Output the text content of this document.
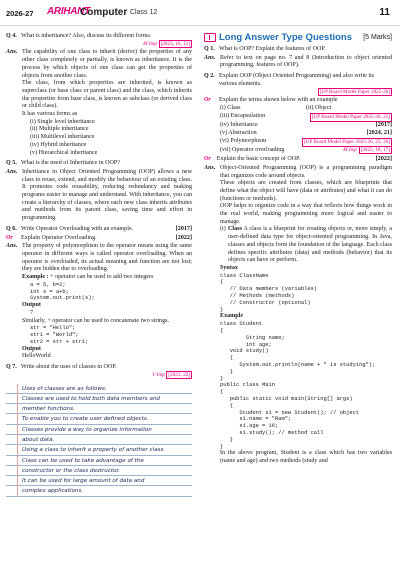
2026-27 ARIHANT
Computer Class 12	11
Q 4. What is inheritance? Also, discuss its different forms.
M Imp [2023, 16, 12]
Ans. The capability of one class to inherit (derive) the properties of any other class completely or partially, is known as inheritance. It is the process by which objects of one class can get the properties of objects from another class.
The class, from which properties are inherited, is known as superclass (or base class or parent class) and the class, which inherits the properties from base class, is known as subclass (or derived class or child class).
It has various forms as
(i) Single level inheritance
(ii) Multiple inheritance
(iii) Multilevel inheritance
(iv) Hybrid inheritance
(v) Hierarchical inheritance
Q 5. What is the need of Inheritance in OOP?
Ans. Inheritance in Object Oriented Programming (OOP) allows a new class to reuse, extend, and modify the behaviour of an existing class. It promotes code reusability, reducing redundancy and making programs easier to manage and understand. With inheritance, you can create a hierarchy of classes, where each new class inherits attributes and methods from its parent class, saving time and effort in programming.
Q 6. Write Operator Overloading with an example.	[2017]
Or	Explain Operator Overloading.	[2022]
Ans. The property of polymorphism to the operator means using the same operator in different ways is called operator overloading. When an operator is overloaded, its actual meaning and function are not lost; they are hidden due to overloading.
Example : + operator can be used to add two integers
a = 5, b=2;
int s = a+b;
System.out.print(s);
Output
7
Similarly, + operator can be used to concatenate two strings.
str = "Hello";
str1 = "World";
str2 = str + str1;
Output
HelloWorld
Q 7. Write about the uses of classes in OOP.
V Imp [2023, 22]
Uses of classes are as follows:
Classes are used to hold both data members and
member functions.
To enable you to create user defined objects.
Classes provide a way to organize information
about data.
Using a class to inherit a property of another class.
Class can be used to take advantage of the
constructor or the class destructor.
It can be used for large amount of data and
complex applications.
Long Answer Type Questions	[5 Marks]
Q 1. What is OOP? Explain the features of OOP.
Ans. Refer to text on page no. 7 and 8 (Introduction to object oriented programming, features of OOP).
Q 2. Explain OOP (Object Oriented Programming) and also write its various elements.
[UP Board Model Paper 2025-26]
Or	Explain the terms shown below with an example
(i) Class	(ii) Object
(iii) Encapsulation	[UP Board Model Paper 2025-26, 21]
(iv) Inheritance	[2017]
(v) Abstraction	[2024, 21]
(vi) Polymorphism	[UP Board Model Paper 2025-26, 22, 20]
(vii) Operator overloading	M Imp [2022, 18, 17]
Or Explain the basic concept of OOP.	[2022]
Ans. Object-Oriented Programming (OOP) is a programming paradigm that organizes code around objects.
These objects are created from classes, which are blueprints that define what the object will have (data or attributes) and what it can do (functions or methods).
OOP helps to organize code in a way that reflects how things work in the real world, making programming more logical and easier to manage.
(i) Class A class is a blueprint for creating objects or, more simply, a user-defined data type for object-oriented programming. In Java, classes and objects form the foundation of the language. Each class defines specific attributes (data) and methods (behavior) that its objects can have or perform.
Syntax
class ClassName
{
// Data members (variables)
// Methods (methods)
// Constructor (optional)
}
Example
class Student
{
String name;
int age;
void study()
{
System.out.println(name + " is studying");
}
}
public class Main
{
public static void main(String[] args)
{
Student s1 = new Student(); // object
s1.name = "Ram";
s1.age = 16;
s1.study(); // method call
}
}
In the above program, Student is a class which has two variables (name and age) and two methods (study and
